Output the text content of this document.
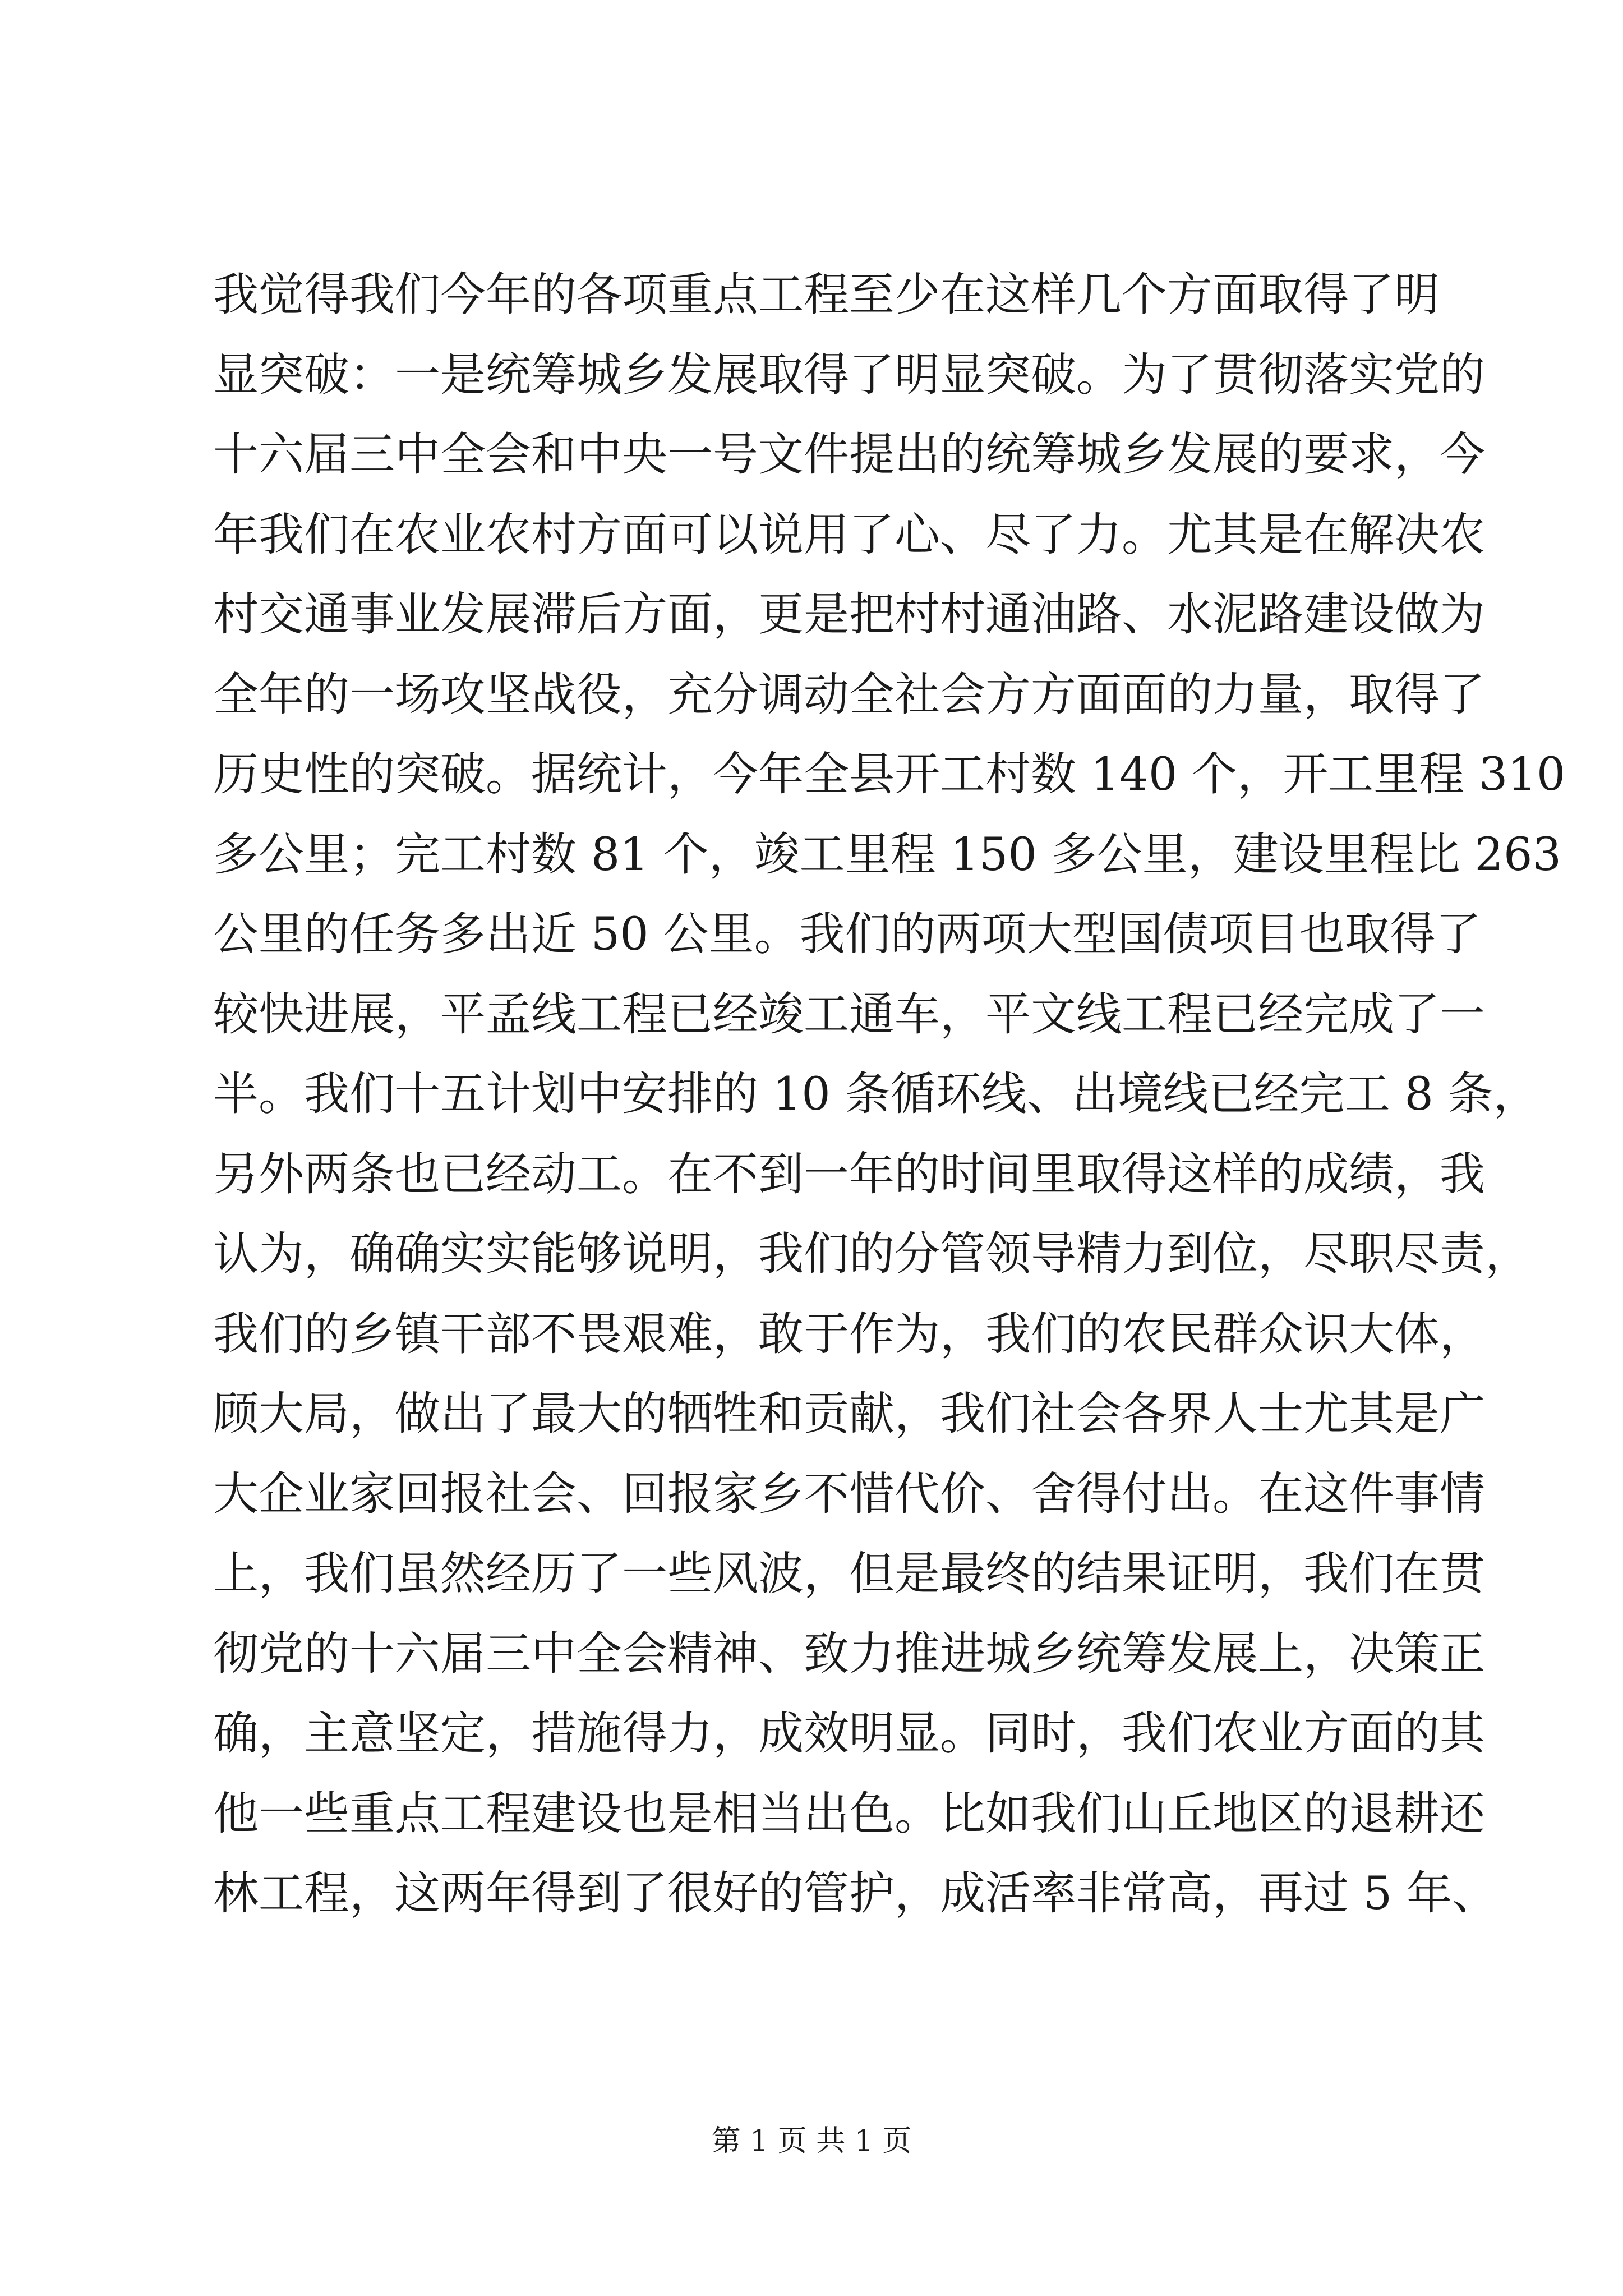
我觉得我们今年的各项重点工程至少在这样几个方面取得了明
显突破：一是统筹城乡发展取得了明显突破。为了贯彻落实党的
十六届三中全会和中央一号文件提出的统筹城乡发展的要求，今
年我们在农业农村方面可以说用了心、尽了力。尤其是在解决农
村交通事业发展滞后方面，更是把村村通油路、水泥路建设做为
全年的一场攻坚战役，充分调动全社会方方面面的力量，取得了
历史性的突破。据统计，今年全县开工村数 140 个，开工里程 310
多公里；完工村数 81 个，竣工里程 150 多公里，建设里程比 263
公里的任务多出近 50 公里。我们的两项大型国债项目也取得了
较快进展，平孟线工程已经竣工通车，平文线工程已经完成了一
半。我们十五计划中安排的 10 条循环线、出境线已经完工 8 条，
另外两条也已经动工。在不到一年的时间里取得这样的成绩，我
认为，确确实实能够说明，我们的分管领导精力到位，尽职尽责，
我们的乡镇干部不畏艰难，敢于作为，我们的农民群众识大体，
顾大局，做出了最大的牺牲和贡献，我们社会各界人士尤其是广
大企业家回报社会、回报家乡不惜代价、舍得付出。在这件事情
上，我们虽然经历了一些风波，但是最终的结果证明，我们在贯
彻党的十六届三中全会精神、致力推进城乡统筹发展上，决策正
确，主意坚定，措施得力，成效明显。同时，我们农业方面的其
他一些重点工程建设也是相当出色。比如我们山丘地区的退耕还
林工程，这两年得到了很好的管护，成活率非常高，再过 5 年、
第 1 页 共 1 页
